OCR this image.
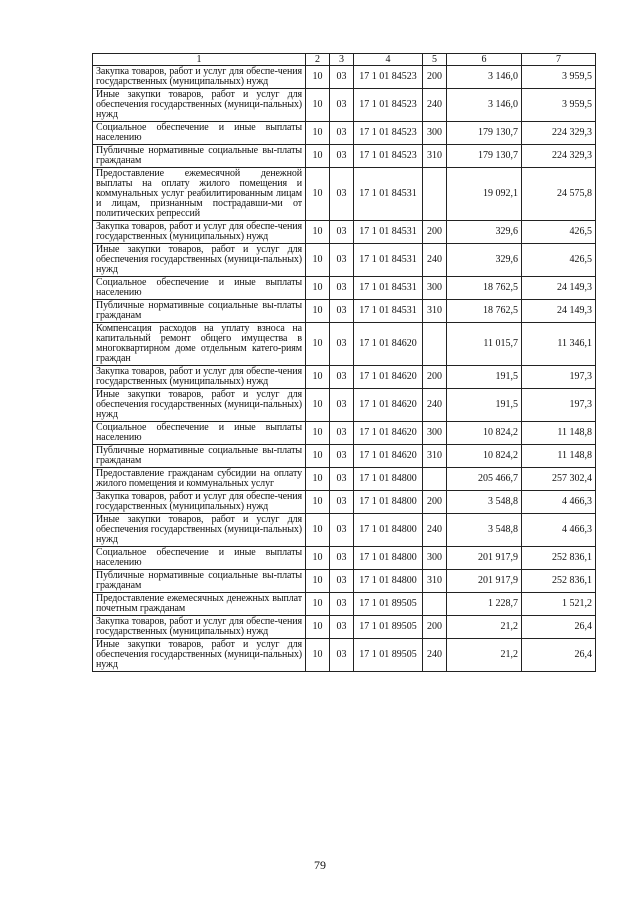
1	2	3	4	5	6	7
Закупка товаров, работ и услуг для обеспе-чения государственных (муниципальных) нужд	10	03	17 1 01 84523	200	3 146,0	3 959,5
Иные закупки товаров, работ и услуг для обеспечения государственных (муници-пальных) нужд	10	03	17 1 01 84523	240	3 146,0	3 959,5
Социальное обеспечение и иные выплаты населению	10	03	17 1 01 84523	300	179 130,7	224 329,3
Публичные нормативные социальные вы-платы гражданам	10	03	17 1 01 84523	310	179 130,7	224 329,3
Предоставление ежемесячной денежной выплаты на оплату жилого помещения и коммунальных услуг реабилитированным лицам и лицам, признанным пострадавши-ми от политических репрессий	10	03	17 1 01 84531		19 092,1	24 575,8
Закупка товаров, работ и услуг для обеспе-чения государственных (муниципальных) нужд	10	03	17 1 01 84531	200	329,6	426,5
Иные закупки товаров, работ и услуг для обеспечения государственных (муници-пальных) нужд	10	03	17 1 01 84531	240	329,6	426,5
Социальное обеспечение и иные выплаты населению	10	03	17 1 01 84531	300	18 762,5	24 149,3
Публичные нормативные социальные вы-платы гражданам	10	03	17 1 01 84531	310	18 762,5	24 149,3
Компенсация расходов на уплату взноса на капитальный ремонт общего имущества в многоквартирном доме отдельным катего-риям граждан	10	03	17 1 01 84620		11 015,7	11 346,1
Закупка товаров, работ и услуг для обеспе-чения государственных (муниципальных) нужд	10	03	17 1 01 84620	200	191,5	197,3
Иные закупки товаров, работ и услуг для обеспечения государственных (муници-пальных) нужд	10	03	17 1 01 84620	240	191,5	197,3
Социальное обеспечение и иные выплаты населению	10	03	17 1 01 84620	300	10 824,2	11 148,8
Публичные нормативные социальные вы-платы гражданам	10	03	17 1 01 84620	310	10 824,2	11 148,8
Предоставление гражданам субсидии на оплату жилого помещения и коммунальных услуг	10	03	17 1 01 84800		205 466,7	257 302,4
Закупка товаров, работ и услуг для обеспе-чения государственных (муниципальных) нужд	10	03	17 1 01 84800	200	3 548,8	4 466,3
Иные закупки товаров, работ и услуг для обеспечения государственных (муници-пальных) нужд	10	03	17 1 01 84800	240	3 548,8	4 466,3
Социальное обеспечение и иные выплаты населению	10	03	17 1 01 84800	300	201 917,9	252 836,1
Публичные нормативные социальные вы-платы гражданам	10	03	17 1 01 84800	310	201 917,9	252 836,1
Предоставление ежемесячных денежных выплат почетным гражданам	10	03	17 1 01 89505		1 228,7	1 521,2
Закупка товаров, работ и услуг для обеспе-чения государственных (муниципальных) нужд	10	03	17 1 01 89505	200	21,2	26,4
Иные закупки товаров, работ и услуг для обеспечения государственных (муници-пальных) нужд	10	03	17 1 01 89505	240	21,2	26,4
79
